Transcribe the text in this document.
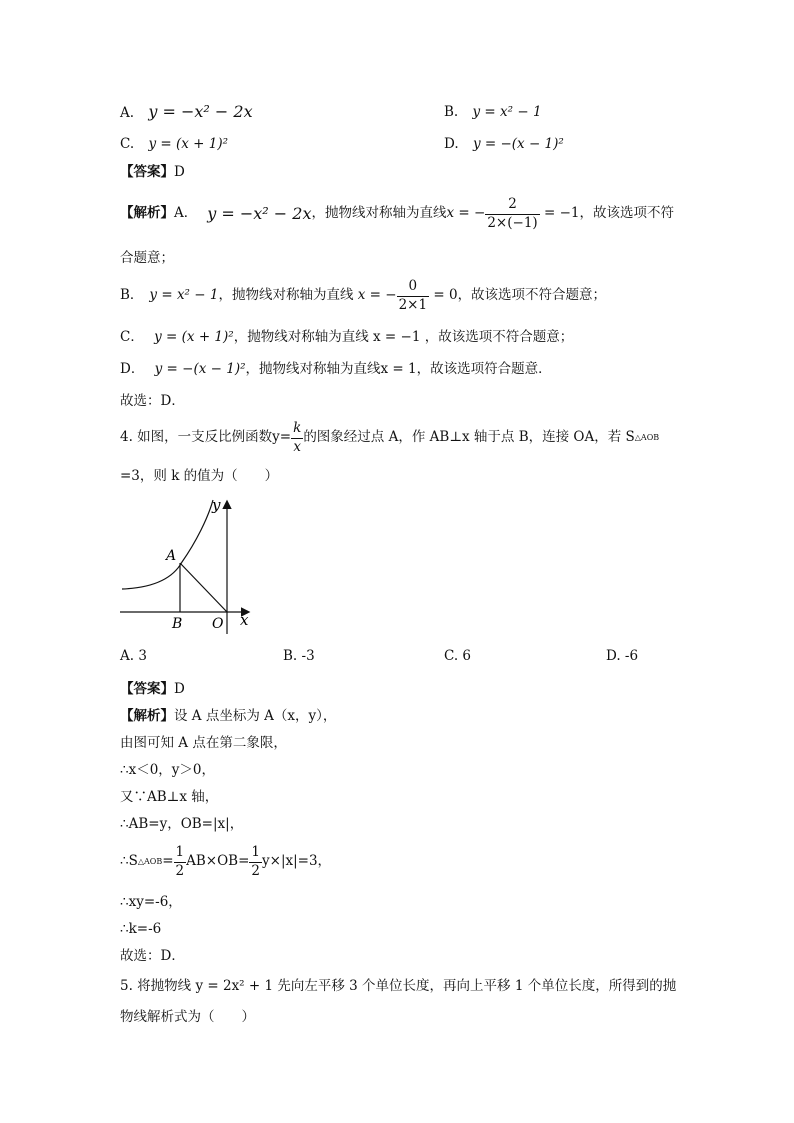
A. y = −x² − 2x	B. y = x² − 1
C. y = (x + 1)²	D. y = −(x − 1)²
【答案】D
【解析】 A． y = −x² − 2x ，抛物线对称轴为直线 x = − $\frac{2}{2\times(-1)} = -1$ ，故该选项不符
合题意；
B． y = x² − 1 ，抛物线对称轴为直线 x = − $\frac{0}{2\times 1} = 0$ ，故该选项不符合题意；
C． y = (x + 1)²，抛物线对称轴为直线 x = −1 ，故该选项不符合题意；
D． y = −(x − 1)²，抛物线对称轴为直线x = 1，故该选项符合题意．
故选：D．
4. 如图，一支反比例函数$y= \frac{k}{x}$ 的图象经过点 A，作 AB⊥x 轴于点 B，连接 OA，若 S △AOB
=3，则 k 的值为（　　）
A
B O x
y
A. 3	B. -3	C. 6	D. -6
【答案】D
【解析】设 A 点坐标为 A（x，y），
由图可知 A 点在第二象限，
∴x＜0，y＞0，
又∵AB⊥x 轴，
∴AB=y，OB=|x|，
∴S △AOB = $\frac{1}{2} AB\times OB= \frac{1}{2} y\times|x|=3$，
∴xy=-6，
∴k=-6
故选：D．
5. 将抛物线 y = 2x² + 1 先向左平移 3 个单位长度，再向上平移 1 个单位长度，所得到的抛
物线解析式为（　　）
